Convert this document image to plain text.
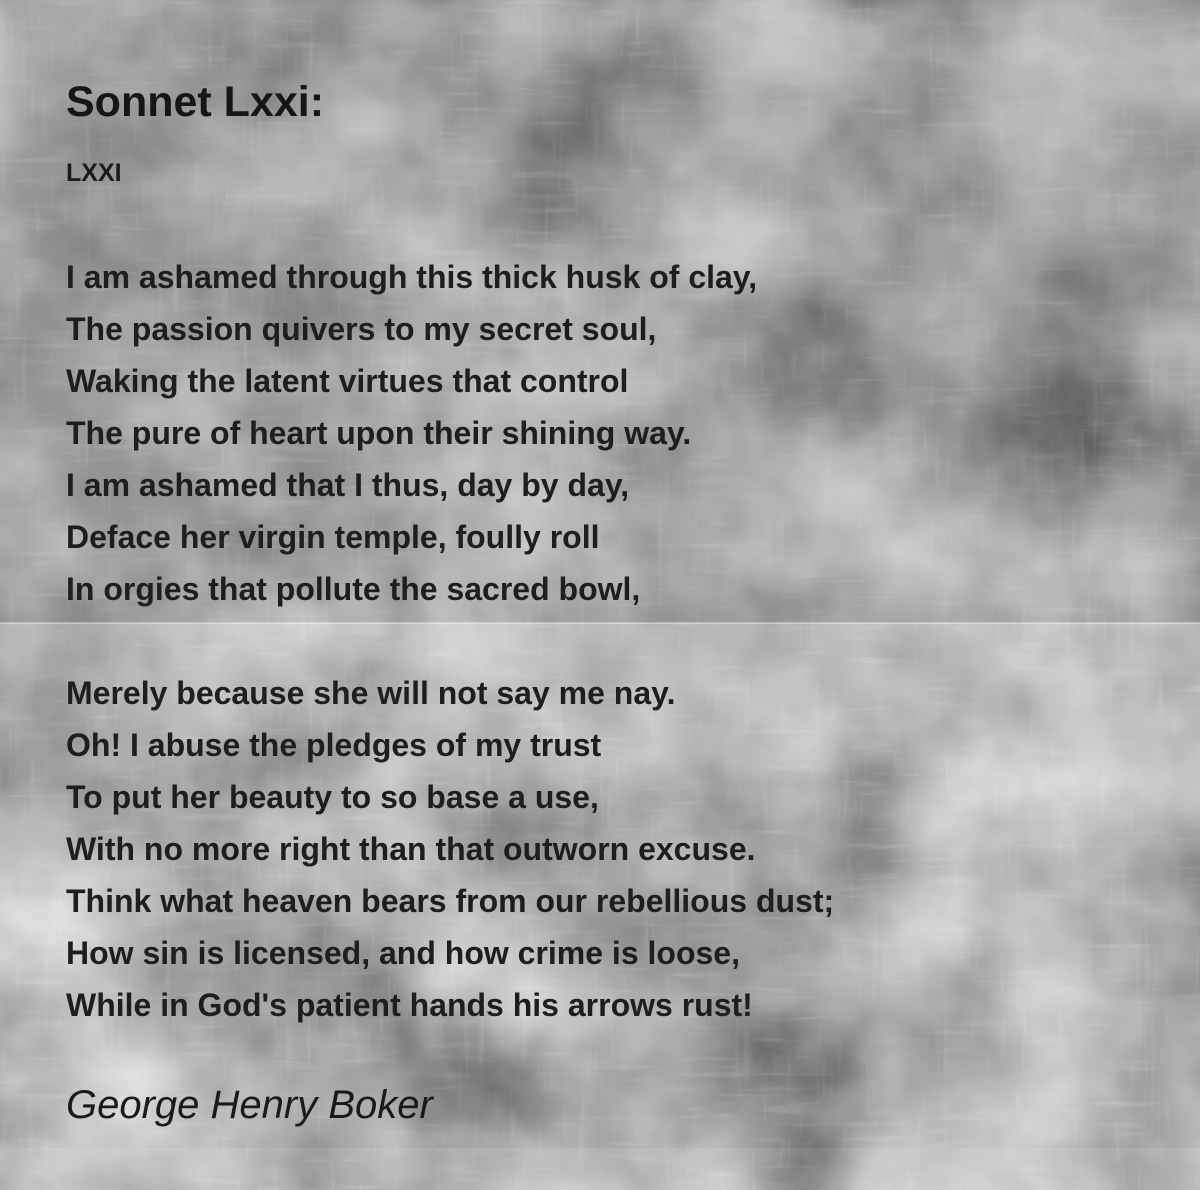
Sonnet Lxxi:
LXXI
I am ashamed through this thick husk of clay,
The passion quivers to my secret soul,
Waking the latent virtues that control
The pure of heart upon their shining way.
I am ashamed that I thus, day by day,
Deface her virgin temple, foully roll
In orgies that pollute the sacred bowl,
Merely because she will not say me nay.
Oh! I abuse the pledges of my trust
To put her beauty to so base a use,
With no more right than that outworn excuse.
Think what heaven bears from our rebellious dust;
How sin is licensed, and how crime is loose,
While in God's patient hands his arrows rust!
George Henry Boker
